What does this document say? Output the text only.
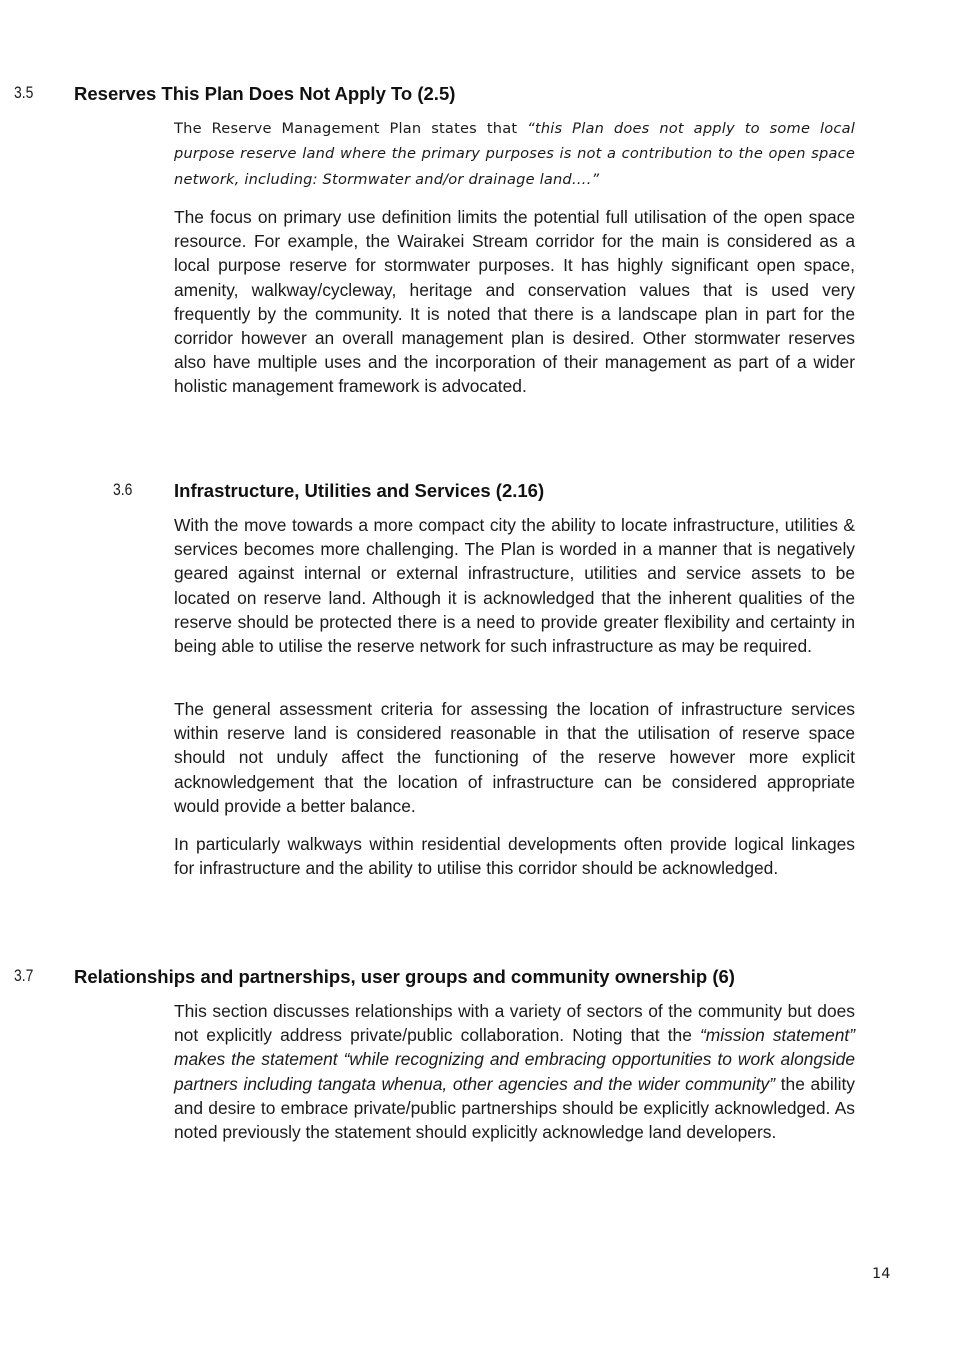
3.5 Reserves This Plan Does Not Apply To (2.5)

The Reserve Management Plan states that “this Plan does not apply to some local purpose reserve land where the primary purposes is not a contribution to the open space network, including: Stormwater and/or drainage land….”

The focus on primary use definition limits the potential full utilisation of the open space resource. For example, the Wairakei Stream corridor for the main is considered as a local purpose reserve for stormwater purposes. It has highly significant open space, amenity, walkway/cycleway, heritage and conservation values that is used very frequently by the community. It is noted that there is a landscape plan in part for the corridor however an overall management plan is desired. Other stormwater reserves also have multiple uses and the incorporation of their management as part of a wider holistic management framework is advocated.

3.6 Infrastructure, Utilities and Services (2.16)

With the move towards a more compact city the ability to locate infrastructure, utilities & services becomes more challenging. The Plan is worded in a manner that is negatively geared against internal or external infrastructure, utilities and service assets to be located on reserve land. Although it is acknowledged that the inherent qualities of the reserve should be protected there is a need to provide greater flexibility and certainty in being able to utilise the reserve network for such infrastructure as may be required.

The general assessment criteria for assessing the location of infrastructure services within reserve land is considered reasonable in that the utilisation of reserve space should not unduly affect the functioning of the reserve however more explicit acknowledgement that the location of infrastructure can be considered appropriate would provide a better balance.

In particularly walkways within residential developments often provide logical linkages for infrastructure and the ability to utilise this corridor should be acknowledged.

3.7 Relationships and partnerships, user groups and community ownership (6)

This section discusses relationships with a variety of sectors of the community but does not explicitly address private/public collaboration. Noting that the “mission statement” makes the statement “while recognizing and embracing opportunities to work alongside partners including tangata whenua, other agencies and the wider community” the ability and desire to embrace private/public partnerships should be explicitly acknowledged. As noted previously the statement should explicitly acknowledge land developers.

14
